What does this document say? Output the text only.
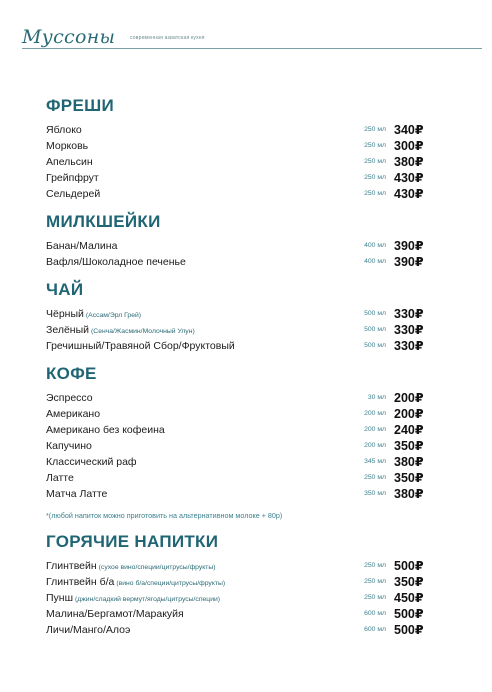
Муссоны	современная азиатская кухня
ФРЕШИ
Яблоко	250 мл 340₽
Морковь	250 мл 300₽
Апельсин	250 мл 380₽
Грейпфрут	250 мл 430₽
Сельдерей	250 мл 430₽
МИЛКШЕЙКИ
Банан/Малина	400 мл 390₽
Вафля/Шоколадное печенье	400 мл 390₽
ЧАЙ
Чёрный (Ассам/Эрл Грей)	500 мл 330₽
Зелёный (Сенча/Жасмин/Молочный Улун)	500 мл 330₽
Гречишный/Травяной Сбор/Фруктовый	500 мл 330₽
КОФЕ
Эспрессо	30 мл 200₽
Американо	200 мл 200₽
Американо без кофеина	200 мл 240₽
Капучино	200 мл 350₽
Классический раф	345 мл 380₽
Латте	250 мл 350₽
Матча Латте	350 мл 380₽
*(любой напиток можно приготовить на альтернативном молоке + 80р)
ГОРЯЧИЕ НАПИТКИ
Глинтвейн (сухое вино/специи/цитрусы/фрукты)	250 мл 500₽
Глинтвейн б/а (вино б/а/специи/цитрусы/фрукты)	250 мл 350₽
Пунш (джин/сладкий вермут/ягоды/цитрусы/специи)	250 мл 450₽
Малина/Бергамот/Маракуйя	600 мл 500₽
Личи/Манго/Алоэ	600 мл 500₽
